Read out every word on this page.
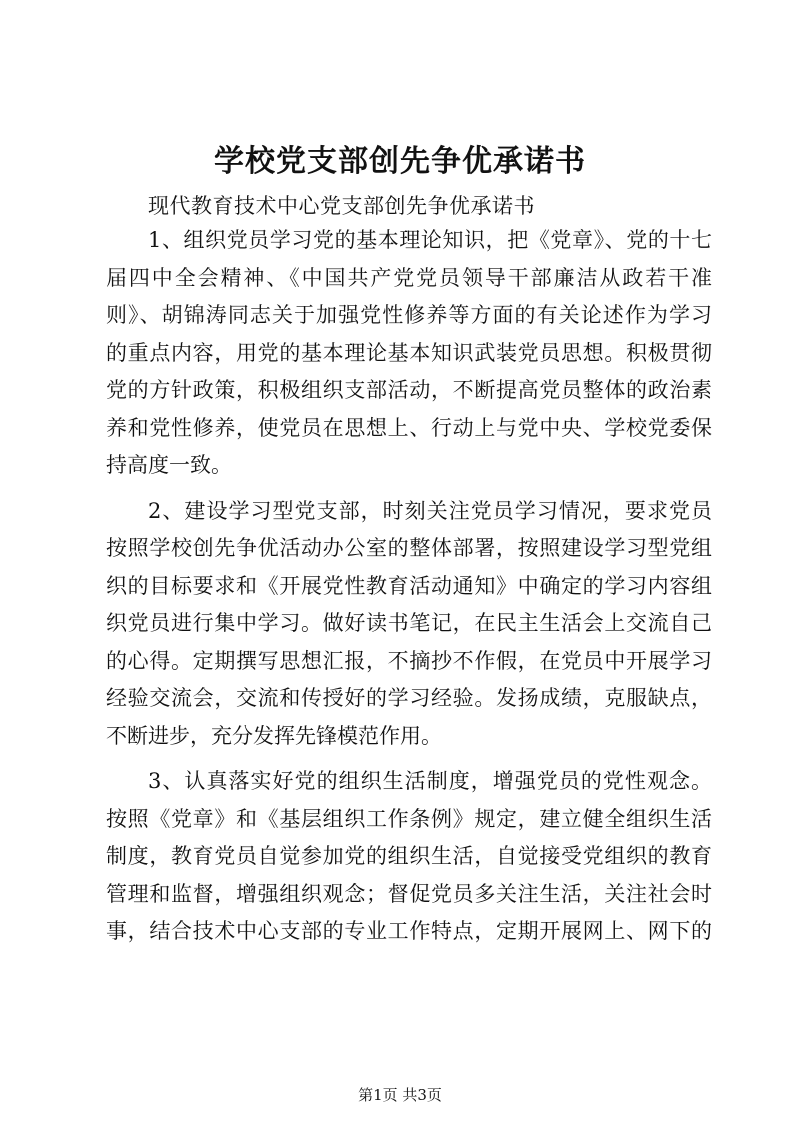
学校党支部创先争优承诺书
现代教育技术中心党支部创先争优承诺书
1、组织党员学习党的基本理论知识，把《党章》、党的十七
届四中全会精神、《中国共产党党员领导干部廉洁从政若干准
则》、胡锦涛同志关于加强党性修养等方面的有关论述作为学习
的重点内容，用党的基本理论基本知识武装党员思想。积极贯彻
党的方针政策，积极组织支部活动，不断提高党员整体的政治素
养和党性修养，使党员在思想上、行动上与党中央、学校党委保
持高度一致。
2、建设学习型党支部，时刻关注党员学习情况，要求党员
按照学校创先争优活动办公室的整体部署，按照建设学习型党组
织的目标要求和《开展党性教育活动通知》中确定的学习内容组
织党员进行集中学习。做好读书笔记，在民主生活会上交流自己
的心得。定期撰写思想汇报，不摘抄不作假，在党员中开展学习
经验交流会，交流和传授好的学习经验。发扬成绩，克服缺点，
不断进步，充分发挥先锋模范作用。
3、认真落实好党的组织生活制度，增强党员的党性观念。
按照《党章》和《基层组织工作条例》规定，建立健全组织生活
制度，教育党员自觉参加党的组织生活，自觉接受党组织的教育
管理和监督，增强组织观念；督促党员多关注生活，关注社会时
事，结合技术中心支部的专业工作特点，定期开展网上、网下的
第1页 共3页
